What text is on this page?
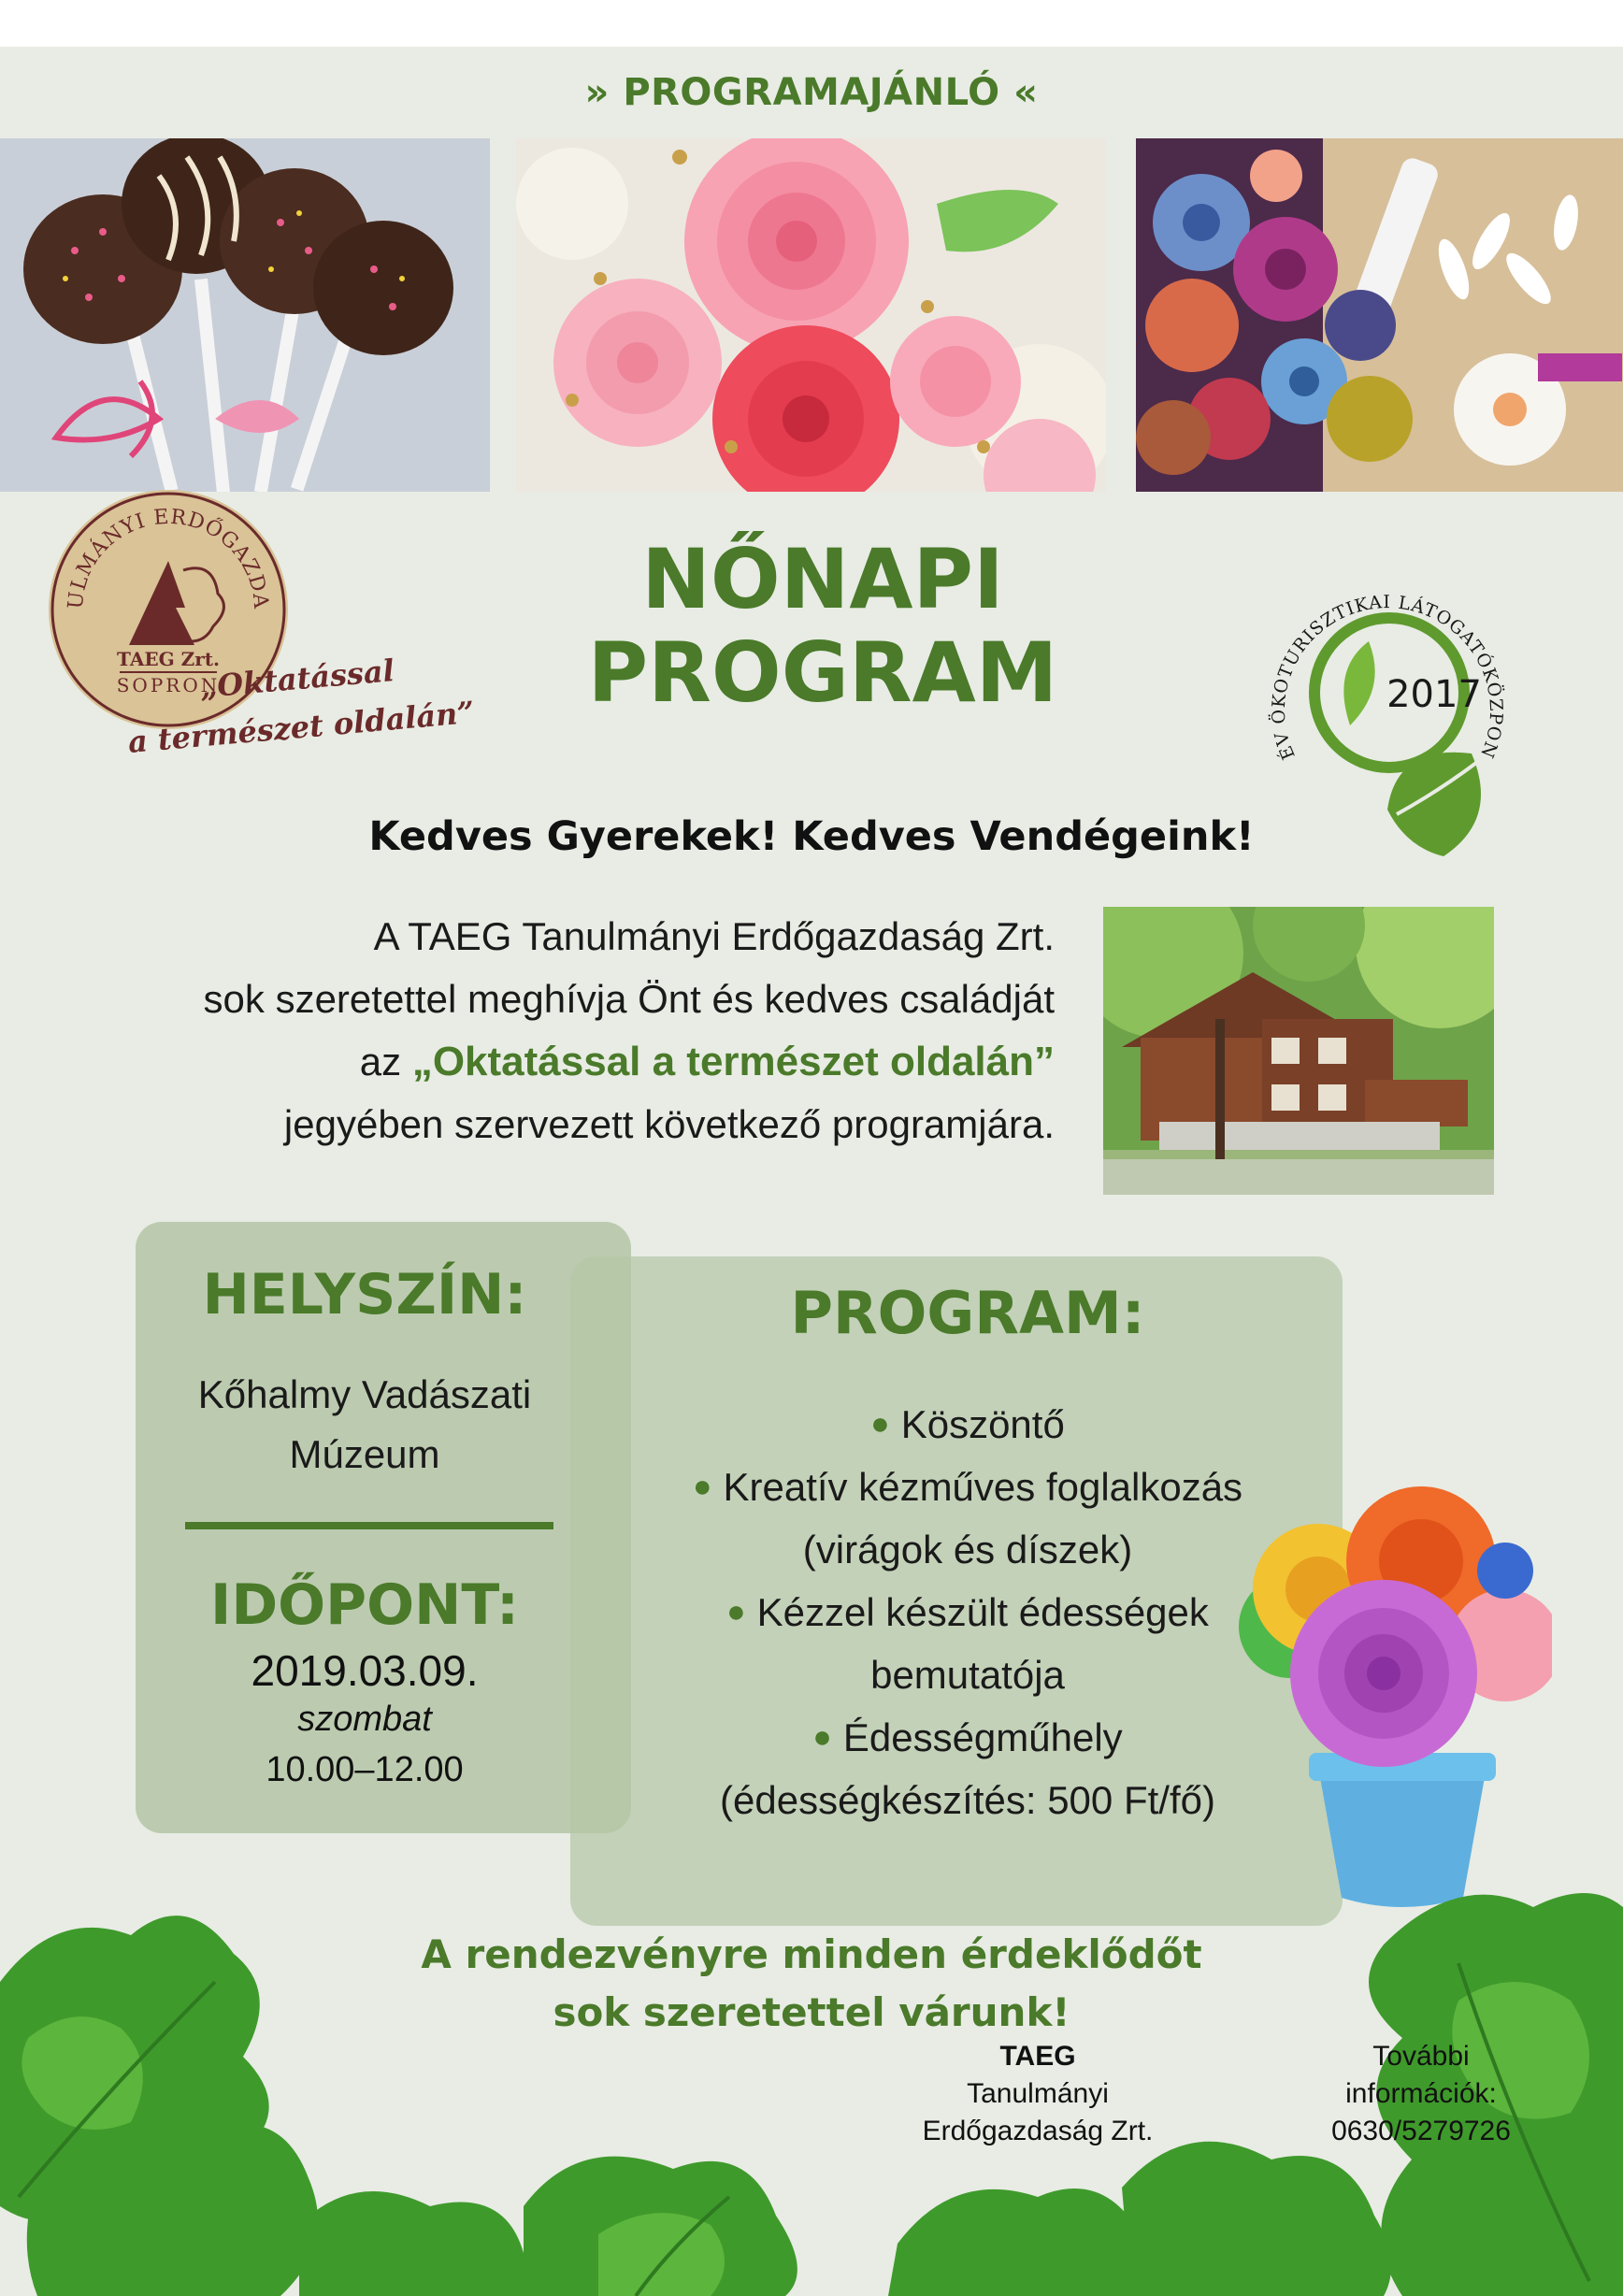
» PROGRAMAJÁNLÓ «
ULMÁNYI ERDŐGAZDA
TAEG Zrt.
SOPRON
„Oktatással
a természet oldalán”
NŐNAPI
PROGRAM
ÉV ÖKOTURISZTIKAI LÁTOGATÓKÖZPON
2017
Kedves Gyerekek! Kedves Vendégeink!
A TAEG Tanulmányi Erdőgazdaság Zrt.
sok szeretettel meghívja Önt és kedves családját
az „Oktatással a természet oldalán”
jegyében szervezett következő programjára.
HELYSZÍN:
Kőhalmy Vadászati
Múzeum
IDŐPONT:
2019.03.09.
szombat
10.00–12.00
PROGRAM:
● Köszöntő
● Kreatív kézműves foglalkozás
(virágok és díszek)
● Kézzel készült édességek
bemutatója
● Édességműhely
(édességkészítés: 500 Ft/fő)
A rendezvényre minden érdeklődőt
sok szeretettel várunk!
TAEG
Tanulmányi
Erdőgazdaság Zrt.
További
információk:
0630/5279726
